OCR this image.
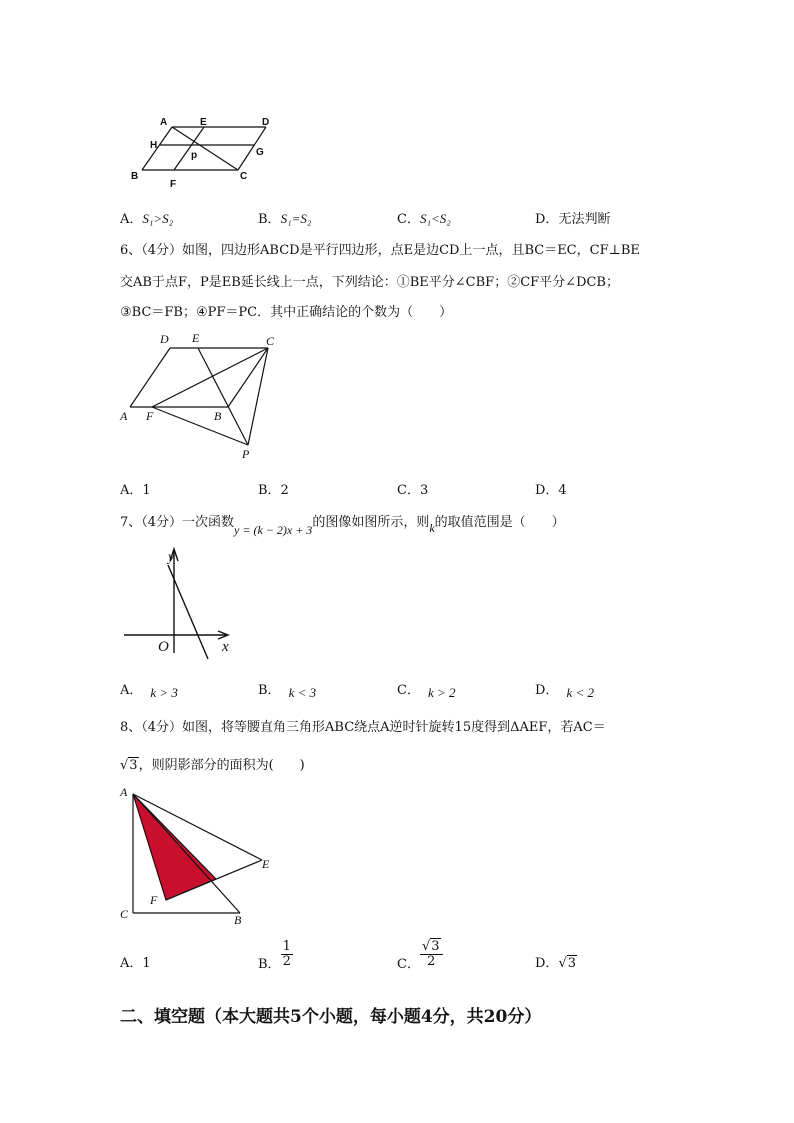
A	E	D
H
p	G
B
F
C
A．S₁>S₂	B．S₁=S₂	C．S₁<S₂	D．无法判断
6、（4分）如图，四边形ABCD是平行四边形，点E是边CD上一点，且BC＝EC，CF⊥BE
交AB于点F，P是EB延长线上一点，下列结论：①BE平分∠CBF；②CF平分∠DCB；
③BC＝FB；④PF＝PC．其中正确结论的个数为（　　）
D E	C
A F	B
P
A．1	B．2	C．3	D．4
7、（4分）一次函数y = (k − 2)x + 3的图像如图所示，则k的取值范围是（　　）
y
O	x
A． k > 3	B． k < 3	C． k > 2	D． k < 2
8、（4分）如图，将等腰直角三角形ABC绕点A逆时针旋转15度得到ΔAEF，若AC＝
√3，则阴影部分的面积为(　　)
A
E
F
C	B
A．1	B． $\frac{1}{2}$	C． $\frac{√3}{2}$	D．√3
二、填空题（本大题共5个小题，每小题4分，共20分）
